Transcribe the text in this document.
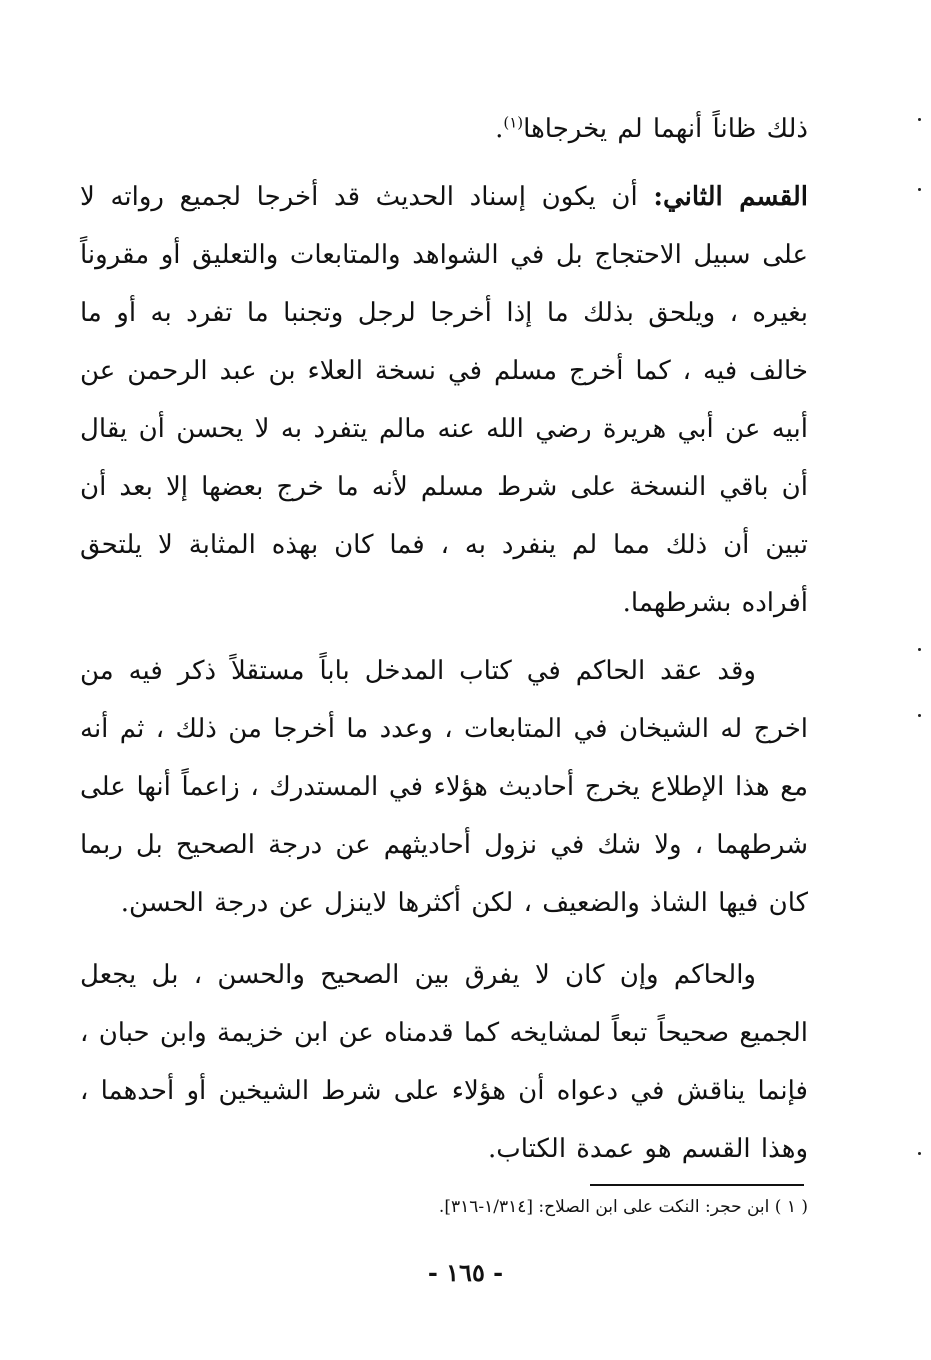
ذلك ظاناً أنهما لم يخرجاها$^{(١)}$.

القسم الثاني: أن يكون إسناد الحديث قد أخرجا لجميع رواته لا على سبيل الاحتجاج بل في الشواهد والمتابعات والتعليق أو مقروناً بغيره ، ويلحق بذلك ما إذا أخرجا لرجل وتجنبا ما تفرد به أو ما خالف فيه ، كما أخرج مسلم في نسخة العلاء بن عبد الرحمن عن أبيه عن أبي هريرة رضي الله عنه مالم يتفرد به لا يحسن أن يقال أن باقي النسخة على شرط مسلم لأنه ما خرج بعضها إلا بعد أن تبين أن ذلك مما لم ينفرد به ، فما كان بهذه المثابة لا يلتحق أفراده بشرطهما.

وقد عقد الحاكم في كتاب المدخل باباً مستقلاً ذكر فيه من اخرج له الشيخان في المتابعات ، وعدد ما أخرجا من ذلك ، ثم أنه مع هذا الإطلاع يخرج أحاديث هؤلاء في المستدرك ، زاعماً أنها على شرطهما ، ولا شك في نزول أحاديثهم عن درجة الصحيح بل ربما كان فيها الشاذ والضعيف ، لكن أكثرها لاينزل عن درجة الحسن.

والحاكم وإن كان لا يفرق بين الصحيح والحسن ، بل يجعل الجميع صحيحاً تبعاً لمشايخه كما قدمناه عن ابن خزيمة وابن حبان ، فإنما يناقش في دعواه أن هؤلاء على شرط الشيخين أو أحدهما ، وهذا القسم هو عمدة الكتاب.

( ١ ) ابن حجر: النكت على ابن الصلاح: [١/٣١٤-٣١٦].

- ١٦٥ -
